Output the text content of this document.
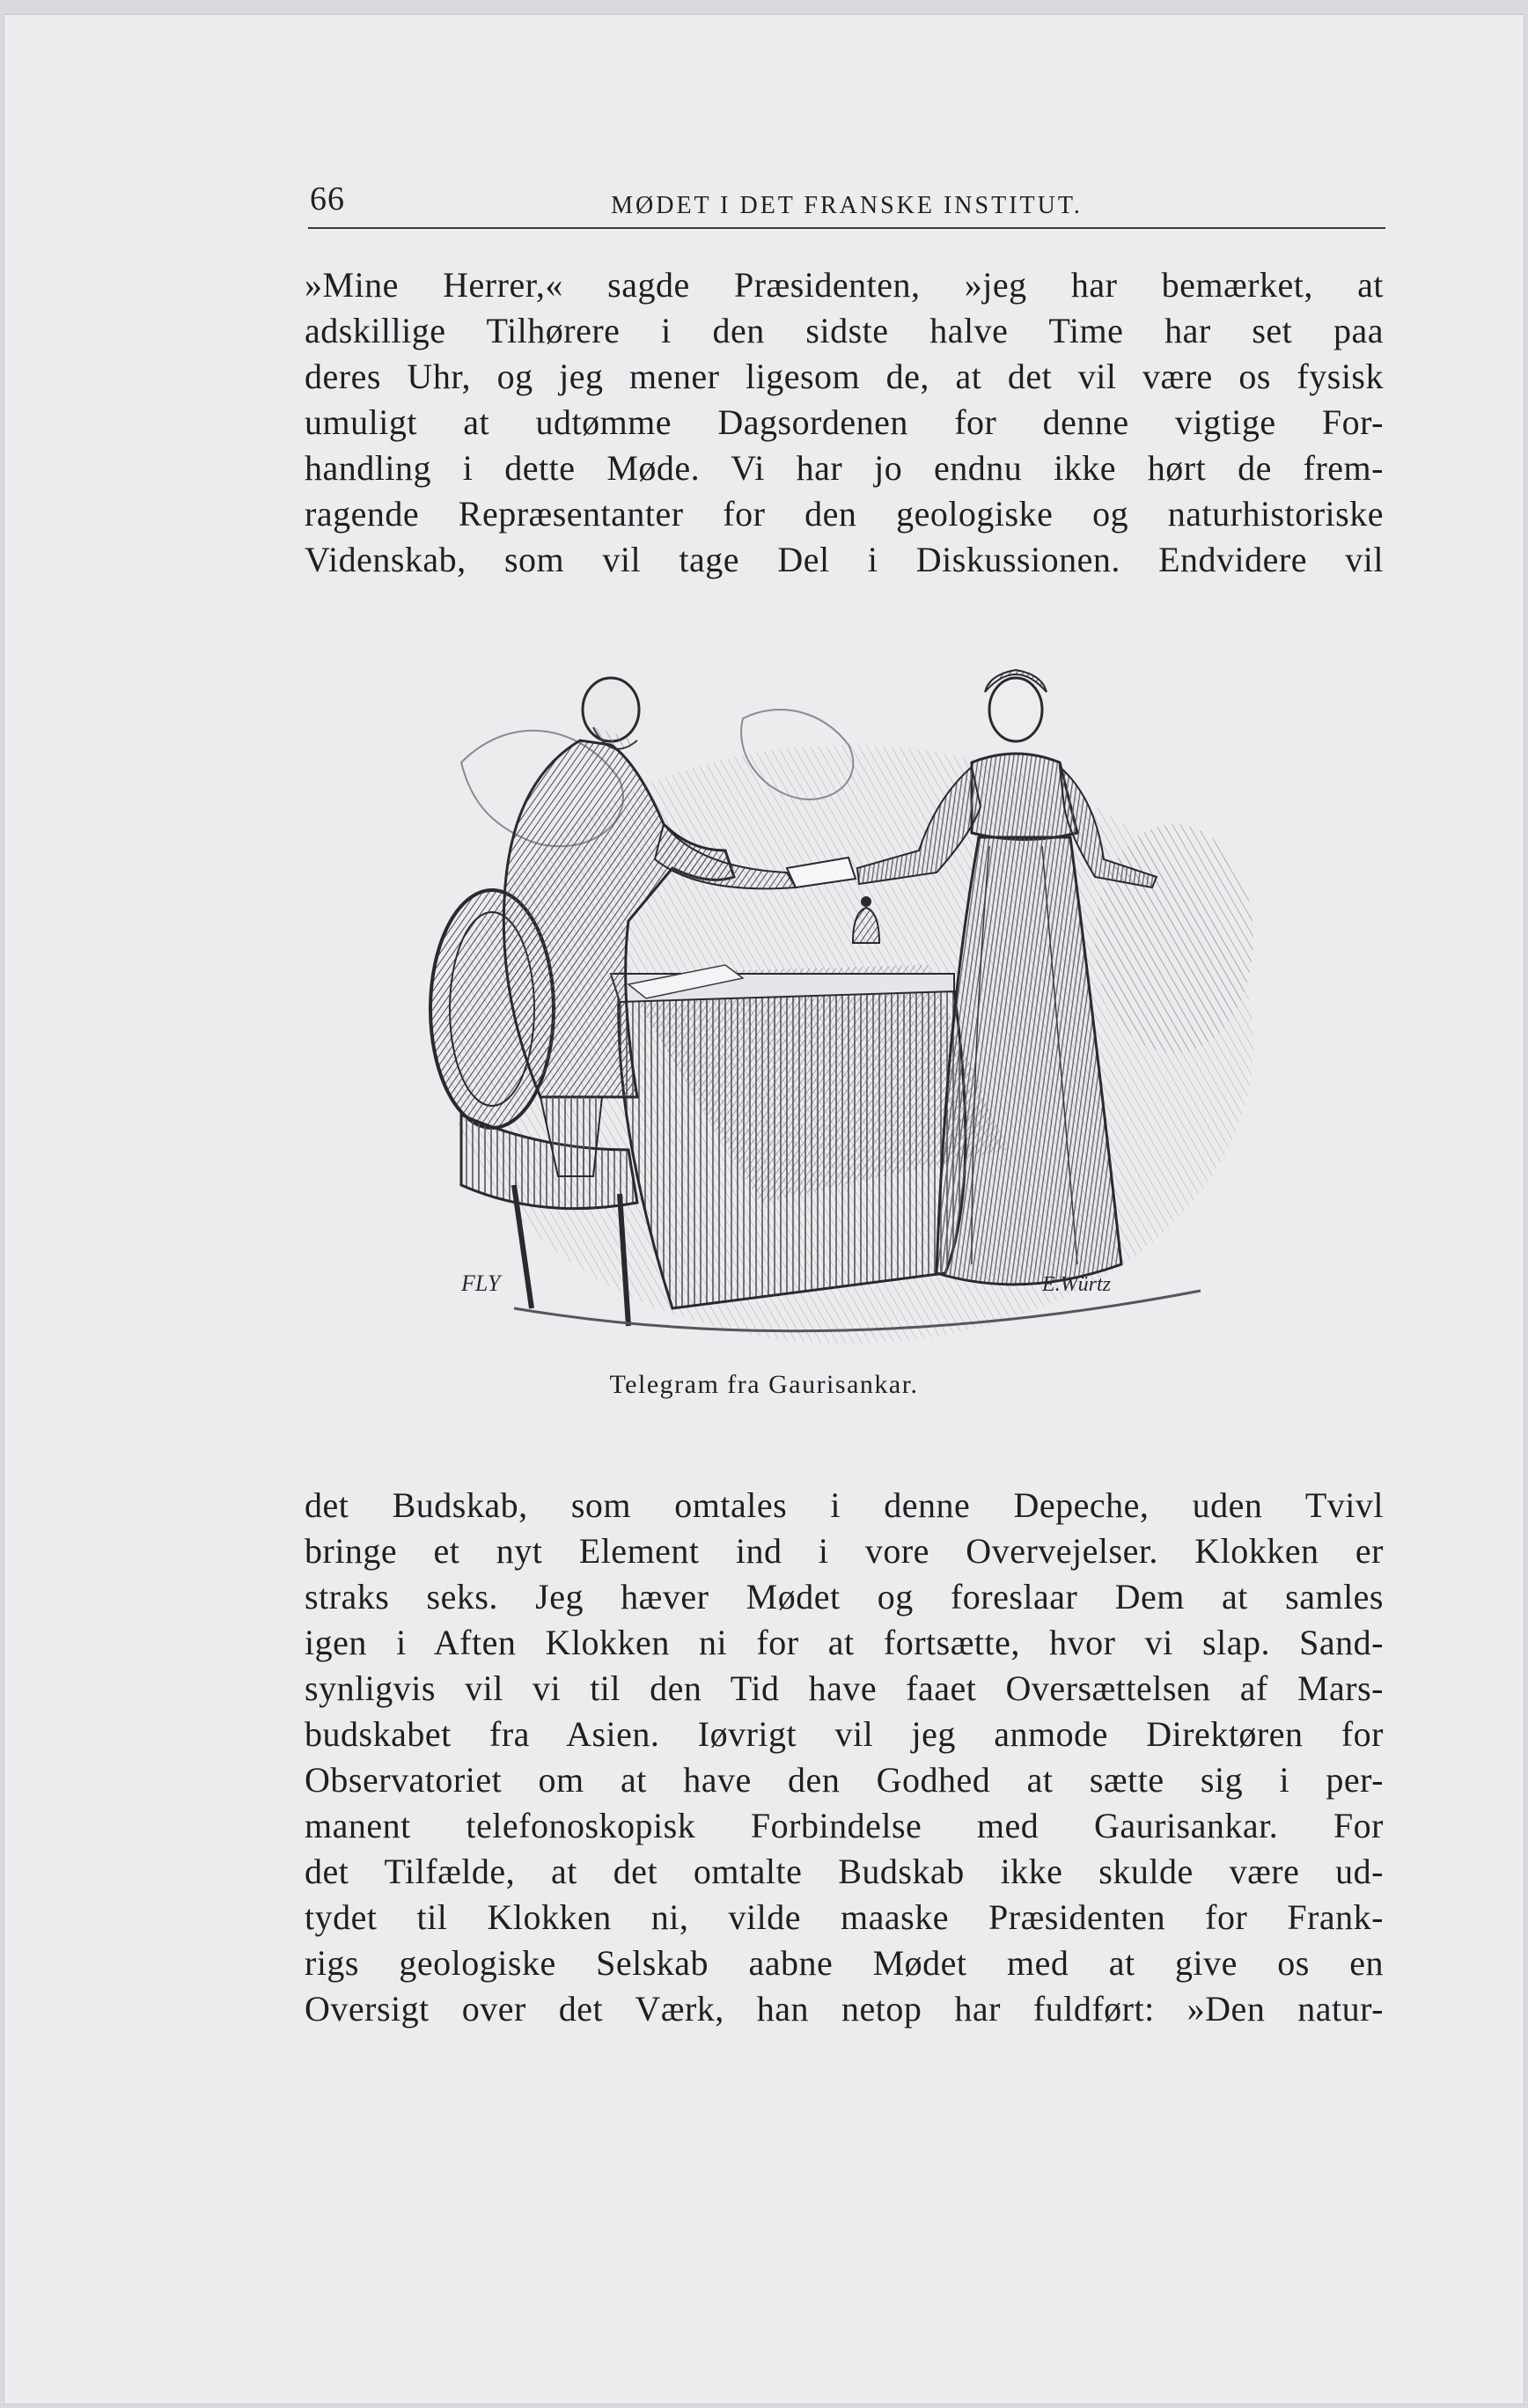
66	MØDET I DET FRANSKE INSTITUT.
»Mine Herrer,« sagde Præsidenten, »jeg har bemærket, at
adskillige Tilhørere i den sidste halve Time har set paa
deres Uhr, og jeg mener ligesom de, at det vil være os fysisk
umuligt at udtømme Dagsordenen for denne vigtige For-
handling i dette Møde. Vi har jo endnu ikke hørt de frem-
ragende Repræsentanter for den geologiske og naturhistoriske
Videnskab, som vil tage Del i Diskussionen. Endvidere vil
FLY	E.Würtz
Telegram fra Gaurisankar.
det Budskab, som omtales i denne Depeche, uden Tvivl
bringe et nyt Element ind i vore Overvejelser. Klokken er
straks seks. Jeg hæver Mødet og foreslaar Dem at samles
igen i Aften Klokken ni for at fortsætte, hvor vi slap. Sand-
synligvis vil vi til den Tid have faaet Oversættelsen af Mars-
budskabet fra Asien. Iøvrigt vil jeg anmode Direktøren for
Observatoriet om at have den Godhed at sætte sig i per-
manent telefonoskopisk Forbindelse med Gaurisankar. For
det Tilfælde, at det omtalte Budskab ikke skulde være ud-
tydet til Klokken ni, vilde maaske Præsidenten for Frank-
rigs geologiske Selskab aabne Mødet med at give os en
Oversigt over det Værk, han netop har fuldført: »Den natur-
